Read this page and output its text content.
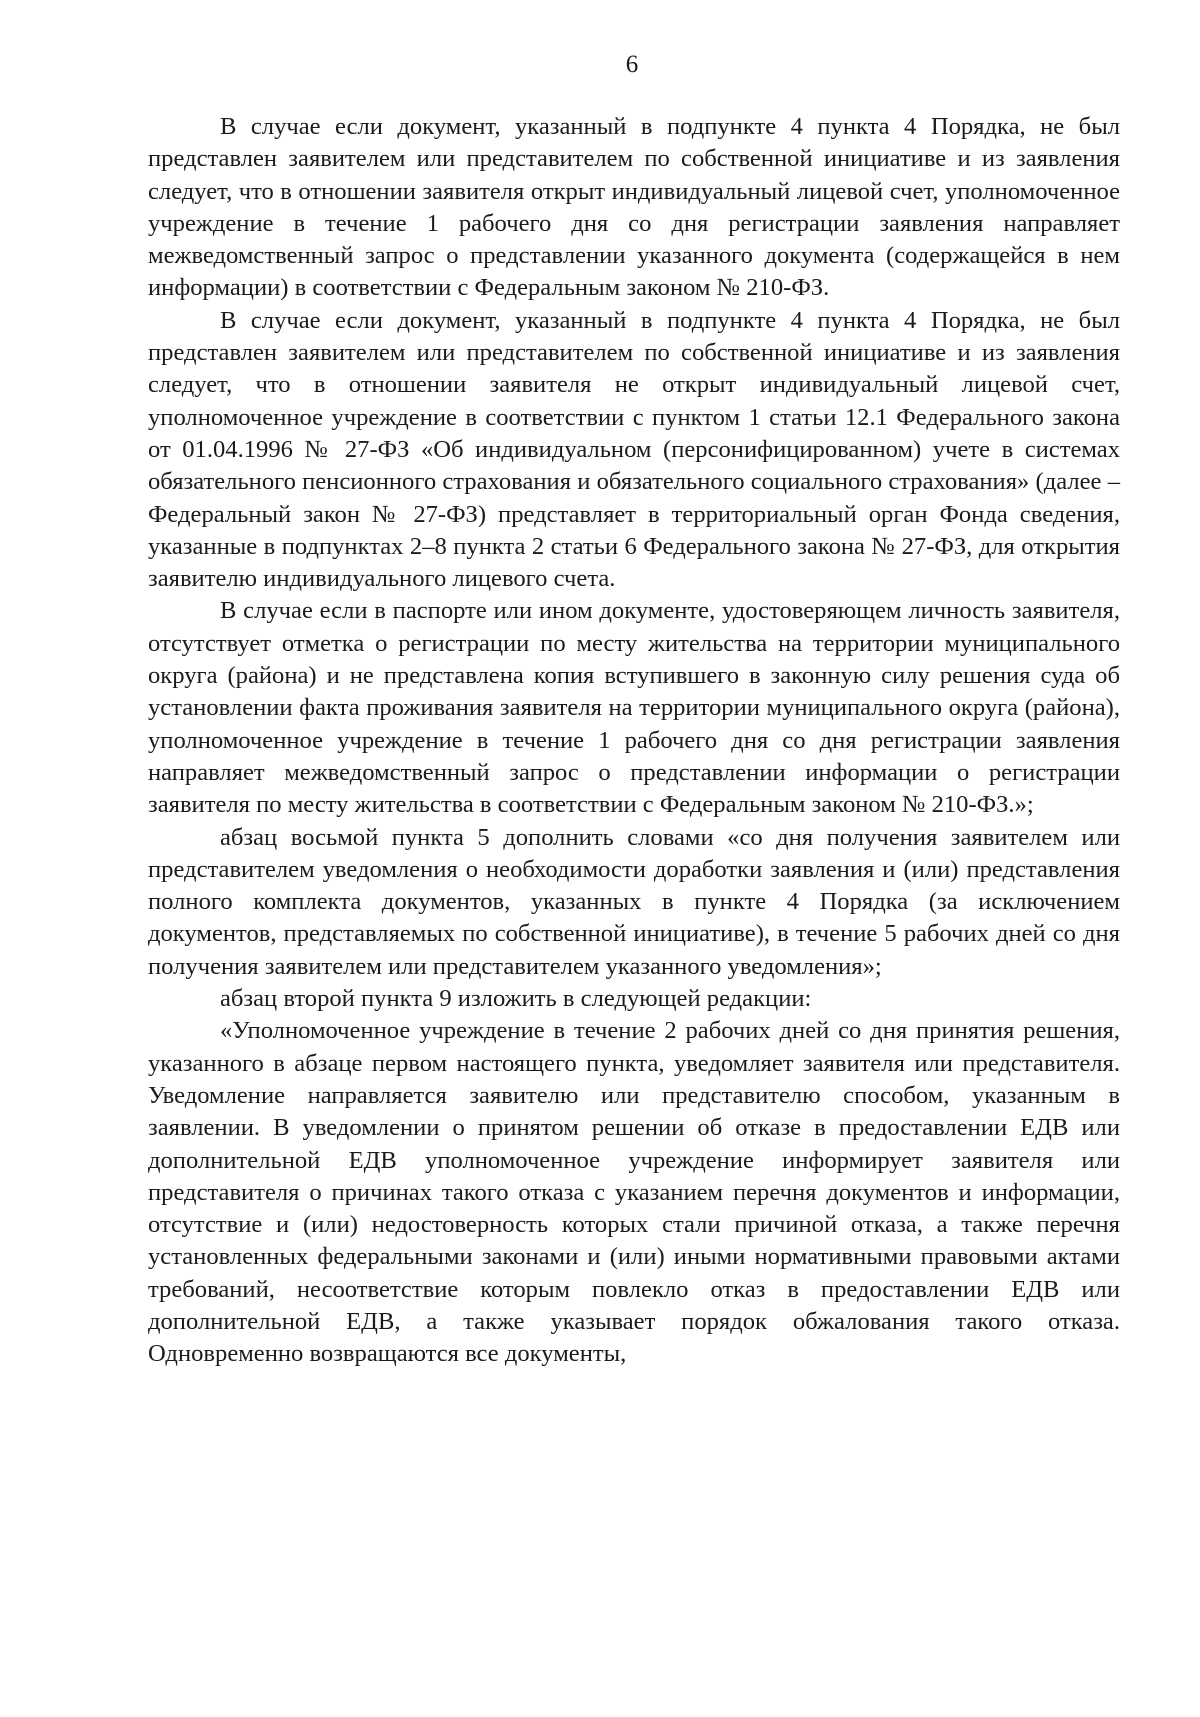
6

В случае если документ, указанный в подпункте 4 пункта 4 Порядка, не был представлен заявителем или представителем по собственной инициативе и из заявления следует, что в отношении заявителя открыт индивидуальный лицевой счет, уполномоченное учреждение в течение 1 рабочего дня со дня регистрации заявления направляет межведомственный запрос о представлении указанного документа (содержащейся в нем информации) в соответствии с Федеральным законом № 210-ФЗ.

В случае если документ, указанный в подпункте 4 пункта 4 Порядка, не был представлен заявителем или представителем по собственной инициативе и из заявления следует, что в отношении заявителя не открыт индивидуальный лицевой счет, уполномоченное учреждение в соответствии с пунктом 1 статьи 12.1 Федерального закона от 01.04.1996 № 27-ФЗ «Об индивидуальном (персонифицированном) учете в системах обязательного пенсионного страхования и обязательного социального страхования» (далее – Федеральный закон № 27-ФЗ) представляет в территориальный орган Фонда сведения, указанные в подпунктах 2–8 пункта 2 статьи 6 Федерального закона № 27-ФЗ, для открытия заявителю индивидуального лицевого счета.

В случае если в паспорте или ином документе, удостоверяющем личность заявителя, отсутствует отметка о регистрации по месту жительства на территории муниципального округа (района) и не представлена копия вступившего в законную силу решения суда об установлении факта проживания заявителя на территории муниципального округа (района), уполномоченное учреждение в течение 1 рабочего дня со дня регистрации заявления направляет межведомственный запрос о представлении информации о регистрации заявителя по месту жительства в соответствии с Федеральным законом № 210-ФЗ.»;

абзац восьмой пункта 5 дополнить словами «со дня получения заявителем или представителем уведомления о необходимости доработки заявления и (или) представления полного комплекта документов, указанных в пункте 4 Порядка (за исключением документов, представляемых по собственной инициативе), в течение 5 рабочих дней со дня получения заявителем или представителем указанного уведомления»;

абзац второй пункта 9 изложить в следующей редакции:

«Уполномоченное учреждение в течение 2 рабочих дней со дня принятия решения, указанного в абзаце первом настоящего пункта, уведомляет заявителя или представителя. Уведомление направляется заявителю или представителю способом, указанным в заявлении. В уведомлении о принятом решении об отказе в предоставлении ЕДВ или дополнительной ЕДВ уполномоченное учреждение информирует заявителя или представителя о причинах такого отказа с указанием перечня документов и информации, отсутствие и (или) недостоверность которых стали причиной отказа, а также перечня установленных федеральными законами и (или) иными нормативными правовыми актами требований, несоответствие которым повлекло отказ в предоставлении ЕДВ или дополнительной ЕДВ, а также указывает порядок обжалования такого отказа. Одновременно возвращаются все документы,
